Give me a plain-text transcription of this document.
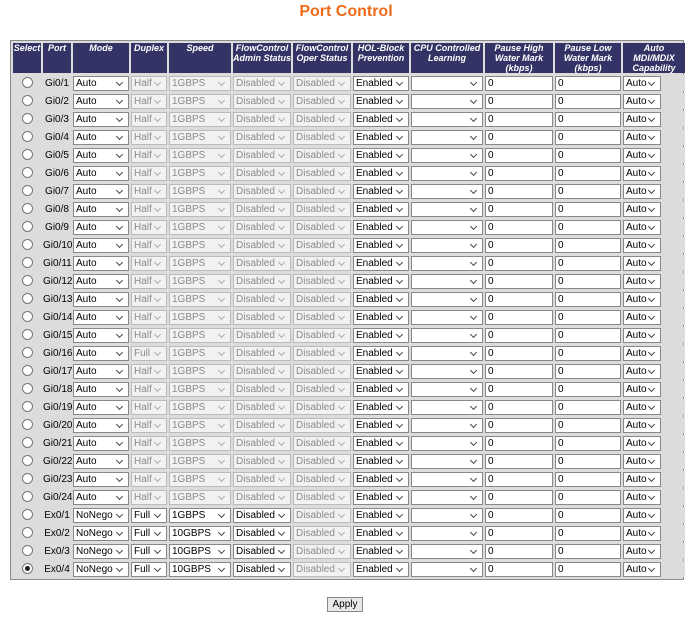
Port Control
Select	Port	Mode	Duplex	Speed	FlowControl Admin Status	FlowControl Oper Status	HOL-Block Prevention	CPU Controlled Learning	Pause High Water Mark (kbps)	Pause Low Water Mark (kbps)	Auto MDI/MDIX Capability
	Gi0/1	Auto	Half	1GBPS	Disabled	Disabled	Enabled		0	0	Auto

	Gi0/2	Auto	Half	1GBPS	Disabled	Disabled	Enabled		0	0	Auto

	Gi0/3	Auto	Half	1GBPS	Disabled	Disabled	Enabled		0	0	Auto

	Gi0/4	Auto	Half	1GBPS	Disabled	Disabled	Enabled		0	0	Auto

	Gi0/5	Auto	Half	1GBPS	Disabled	Disabled	Enabled		0	0	Auto

	Gi0/6	Auto	Half	1GBPS	Disabled	Disabled	Enabled		0	0	Auto

	Gi0/7	Auto	Half	1GBPS	Disabled	Disabled	Enabled		0	0	Auto

	Gi0/8	Auto	Half	1GBPS	Disabled	Disabled	Enabled		0	0	Auto

	Gi0/9	Auto	Half	1GBPS	Disabled	Disabled	Enabled		0	0	Auto

	Gi0/10	Auto	Half	1GBPS	Disabled	Disabled	Enabled		0	0	Auto

	Gi0/11	Auto	Half	1GBPS	Disabled	Disabled	Enabled		0	0	Auto

	Gi0/12	Auto	Half	1GBPS	Disabled	Disabled	Enabled		0	0	Auto

	Gi0/13	Auto	Half	1GBPS	Disabled	Disabled	Enabled		0	0	Auto

	Gi0/14	Auto	Half	1GBPS	Disabled	Disabled	Enabled		0	0	Auto

	Gi0/15	Auto	Half	1GBPS	Disabled	Disabled	Enabled		0	0	Auto

	Gi0/16	Auto	Full	1GBPS	Disabled	Disabled	Enabled		0	0	Auto

	Gi0/17	Auto	Half	1GBPS	Disabled	Disabled	Enabled		0	0	Auto

	Gi0/18	Auto	Half	1GBPS	Disabled	Disabled	Enabled		0	0	Auto

	Gi0/19	Auto	Half	1GBPS	Disabled	Disabled	Enabled		0	0	Auto

	Gi0/20	Auto	Half	1GBPS	Disabled	Disabled	Enabled		0	0	Auto

	Gi0/21	Auto	Half	1GBPS	Disabled	Disabled	Enabled		0	0	Auto

	Gi0/22	Auto	Half	1GBPS	Disabled	Disabled	Enabled		0	0	Auto

	Gi0/23	Auto	Half	1GBPS	Disabled	Disabled	Enabled		0	0	Auto

	Gi0/24	Auto	Half	1GBPS	Disabled	Disabled	Enabled		0	0	Auto

	Ex0/1	NoNego	Full	1GBPS	Disabled	Disabled	Enabled		0	0	Auto

	Ex0/2	NoNego	Full	10GBPS	Disabled	Disabled	Enabled		0	0	Auto

	Ex0/3	NoNego	Full	10GBPS	Disabled	Disabled	Enabled		0	0	Auto

	Ex0/4	NoNego	Full	10GBPS	Disabled	Disabled	Enabled		0	0	Auto
Apply
